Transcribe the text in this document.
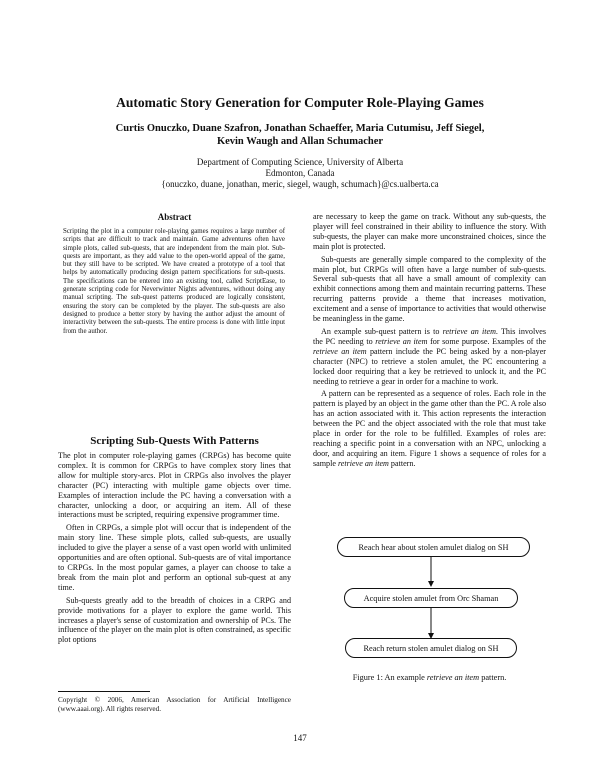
Automatic Story Generation for Computer Role-Playing Games
Curtis Onuczko, Duane Szafron, Jonathan Schaeffer, Maria Cutumisu, Jeff Siegel,
Kevin Waugh and Allan Schumacher
Department of Computing Science, University of Alberta
Edmonton, Canada
{onuczko, duane, jonathan, meric, siegel, waugh, schumach}@cs.ualberta.ca
Abstract
Scripting the plot in a computer role-playing games requires a large number of scripts that are difficult to track and maintain. Game adventures often have simple plots, called sub-quests, that are independent from the main plot. Sub-quests are important, as they add value to the open-world appeal of the game, but they still have to be scripted. We have created a prototype of a tool that helps by automatically producing design pattern specifications for sub-quests. The specifications can be entered into an existing tool, called ScriptEase, to generate scripting code for Neverwinter Nights adventures, without doing any manual scripting. The sub-quest patterns produced are logically consistent, ensuring the story can be completed by the player. The sub-quests are also designed to produce a better story by having the author adjust the amount of interactivity between the sub-quests. The entire process is done with little input from the author.
Scripting Sub-Quests With Patterns

The plot in computer role-playing games (CRPGs) has become quite complex. It is common for CRPGs to have complex story lines that allow for multiple story-arcs. Plot in CRPGs also involves the player character (PC) interacting with multiple game objects over time. Examples of interaction include the PC having a conversation with a character, unlocking a door, or acquiring an item. All of these interactions must be scripted, requiring expensive programmer time.

Often in CRPGs, a simple plot will occur that is independent of the main story line. These simple plots, called sub-quests, are usually included to give the player a sense of a vast open world with unlimited opportunities and are often optional. Sub-quests are of vital importance to CRPGs. In the most popular games, a player can choose to take a break from the main plot and perform an optional sub-quest at any time.

Sub-quests greatly add to the breadth of choices in a CRPG and provide motivations for a player to explore the game world. This increases a player's sense of customization and ownership of PCs. The influence of the player on the main plot is often constrained, as specific plot options

Copyright © 2006, American Association for Artificial Intelligence (www.aaai.org). All rights reserved.

are necessary to keep the game on track. Without any sub-quests, the player will feel constrained in their ability to influence the story. With sub-quests, the player can make more unconstrained choices, since the main plot is protected.

Sub-quests are generally simple compared to the complexity of the main plot, but CRPGs will often have a large number of sub-quests. Several sub-quests that all have a small amount of complexity can exhibit connections among them and maintain recurring patterns. These recurring patterns provide a theme that increases motivation, excitement and a sense of importance to activities that would otherwise be meaningless in the game.

An example sub-quest pattern is to retrieve an item. This involves the PC needing to retrieve an item for some purpose. Examples of the retrieve an item pattern include the PC being asked by a non-player character (NPC) to retrieve a stolen amulet, the PC encountering a locked door requiring that a key be retrieved to unlock it, and the PC needing to retrieve a gear in order for a machine to work.

A pattern can be represented as a sequence of roles. Each role in the pattern is played by an object in the game other than the PC. A role also has an action associated with it. This action represents the interaction between the PC and the object associated with the role that must take place in order for the role to be fulfilled. Examples of roles are: reaching a specific point in a conversation with an NPC, unlocking a door, and acquiring an item. Figure 1 shows a sequence of roles for a sample retrieve an item pattern.

Reach hear about stolen amulet dialog on SH
Acquire stolen amulet from Orc Shaman
Reach return stolen amulet dialog on SH
Figure 1: An example retrieve an item pattern.
147
